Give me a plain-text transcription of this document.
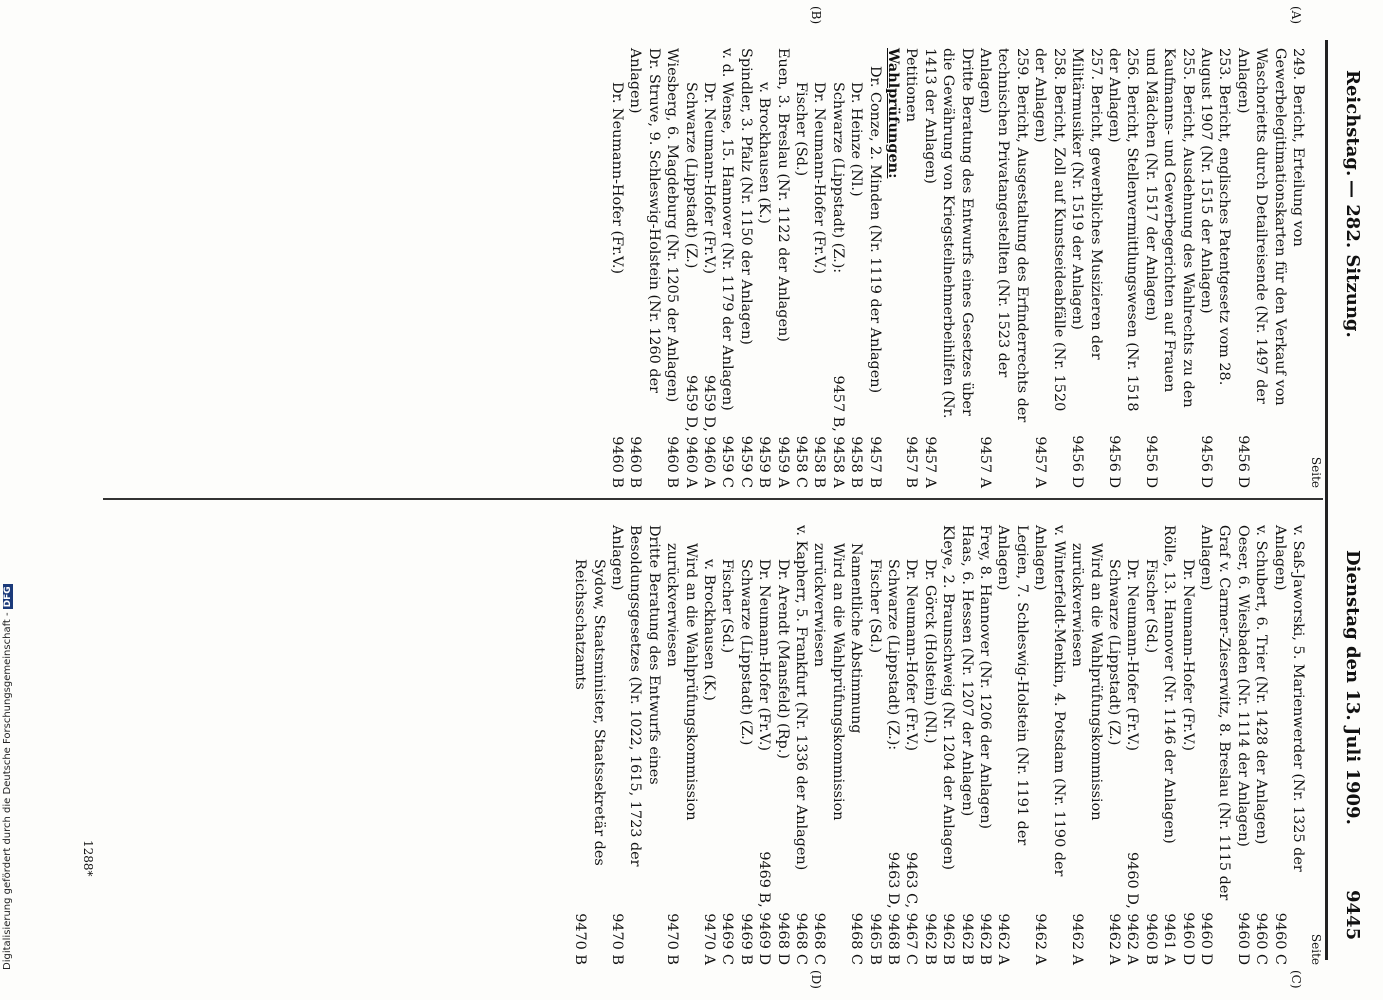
Reichstag.
— 282. Sitzung.
Dienstag den 13. Juli 1909.
9445
(A)
(B)
(C)
(D)
Seite
249. Bericht, Erteilung von Gewerbelegitimationskarten für den Verkauf von Waschorietts durch Detailreisende (Nr. 1497 der Anlagen)
9456 D
253. Bericht, englisches Patentgesetz vom 28. August 1907 (Nr. 1515 der Anlagen)
9456 D
255. Bericht, Ausdehnung des Wahlrechts zu den Kaufmanns- und Gewerbegerichten auf Frauen und Mädchen (Nr. 1517 der Anlagen)
9456 D
256. Bericht, Stellenvermittlungswesen (Nr. 1518 der Anlagen)
9456 D
257. Bericht, gewerbliches Musizieren der Militärmusiker (Nr. 1519 der Anlagen)
9456 D
258. Bericht, Zoll auf Kunstseideabfälle (Nr. 1520 der Anlagen)
9457 A
259. Bericht, Ausgestaltung des Erfinderrechts der technischen Privatangestellten (Nr. 1523 der Anlagen)
9457 A
Dritte Beratung des Entwurfs eines Gesetzes über die Gewährung von Kriegsteilnehmerbeihilfen (Nr. 1413 der Anlagen)
9457 A
Petitionen
9457 B
Wahlprüfungen:
Dr. Conze, 2. Minden (Nr. 1119 der Anlagen)
9457 B
Dr. Heinze (Nl.)
9458 B
Schwarze (Lippstadt) (Z.):
9457 B, 9458 A
Dr. Neumann-Hofer (Fr.V.)
9458 B
Fischer (Sd.)
9458 C
Euen, 3. Breslau (Nr. 1122 der Anlagen)
9459 A
v. Brockhausen (K.)
9459 B
Spindler, 3. Pfalz (Nr. 1150 der Anlagen)
9459 C
v. d. Wense, 15. Hannover (Nr. 1179 der Anlagen)
9459 C
Dr. Neumann-Hofer (Fr.V.)
9459 D, 9460 A
Schwarze (Lippstadt) (Z.)
9459 D, 9460 A
Wiesberg, 6. Magdeburg (Nr. 1205 der Anlagen)
9460 B
Dr. Struve, 9. Schleswig-Holstein (Nr. 1260 der Anlagen)
9460 B
Dr. Neumann-Hofer (Fr.V.)
9460 B
Seite
v. Saß-Jaworski, 5. Marienwerder (Nr. 1325 der Anlagen)
9460 C
v. Schubert, 6. Trier (Nr. 1428 der Anlagen)
9460 C
Oeser, 6. Wiesbaden (Nr. 1114 der Anlagen)
9460 D
Graf v. Carmer-Zieserwitz, 8. Breslau (Nr. 1115 der Anlagen)
9460 D
Dr. Neumann-Hofer (Fr.V.)
9460 D
Rölle, 13. Hannover (Nr. 1146 der Anlagen)
9461 A
Fischer (Sd.)
9460 B
Dr. Neumann-Hofer (Fr.V.)
9460 D, 9462 A
Schwarze (Lippstadt) (Z.)
9462 A
Wird an die Wahlprüfungskommission zurückverwiesen
9462 A
v. Winterfeldt-Menkin, 4. Potsdam (Nr. 1190 der Anlagen)
9462 A
Legien, 7. Schleswig-Holstein (Nr. 1191 der Anlagen)
9462 A
Frey, 8. Hannover (Nr. 1206 der Anlagen)
9462 B
Haas, 6. Hessen (Nr. 1207 der Anlagen)
9462 B
Kleye, 2. Braunschweig (Nr. 1204 der Anlagen)
9462 B
Dr. Görck (Holstein) (Nl.)
9462 B
Dr. Neumann-Hofer (Fr.V.)
9463 C, 9467 C
Schwarze (Lippstadt) (Z.):
9463 D, 9468 B
Fischer (Sd.)
9465 B
Namentliche Abstimmung
9468 C
Wird an die Wahlprüfungskommission zurückverwiesen
9468 C
v. Kapherr, 5. Frankfurt (Nr. 1336 der Anlagen)
9468 C
Dr. Arendt (Mansfeld) (Rp.)
9468 D
Dr. Neumann-Hofer (Fr.V.)
9469 B, 9469 D
Schwarze (Lippstadt) (Z.)
9469 B
Fischer (Sd.)
9469 C
v. Brockhausen (K.)
9470 A
Wird an die Wahlprüfungskommission zurückverwiesen
9470 B
Dritte Beratung des Entwurfs eines Besoldungsgesetzes (Nr. 1022, 1615, 1723 der Anlagen)
9470 B
Sydow, Staatsminister, Staatssekretär des Reichsschatzamts
9470 B
1288*
Digitalisierung gefördert durch die Deutsche Forschungsgemeinschaft -DFG
